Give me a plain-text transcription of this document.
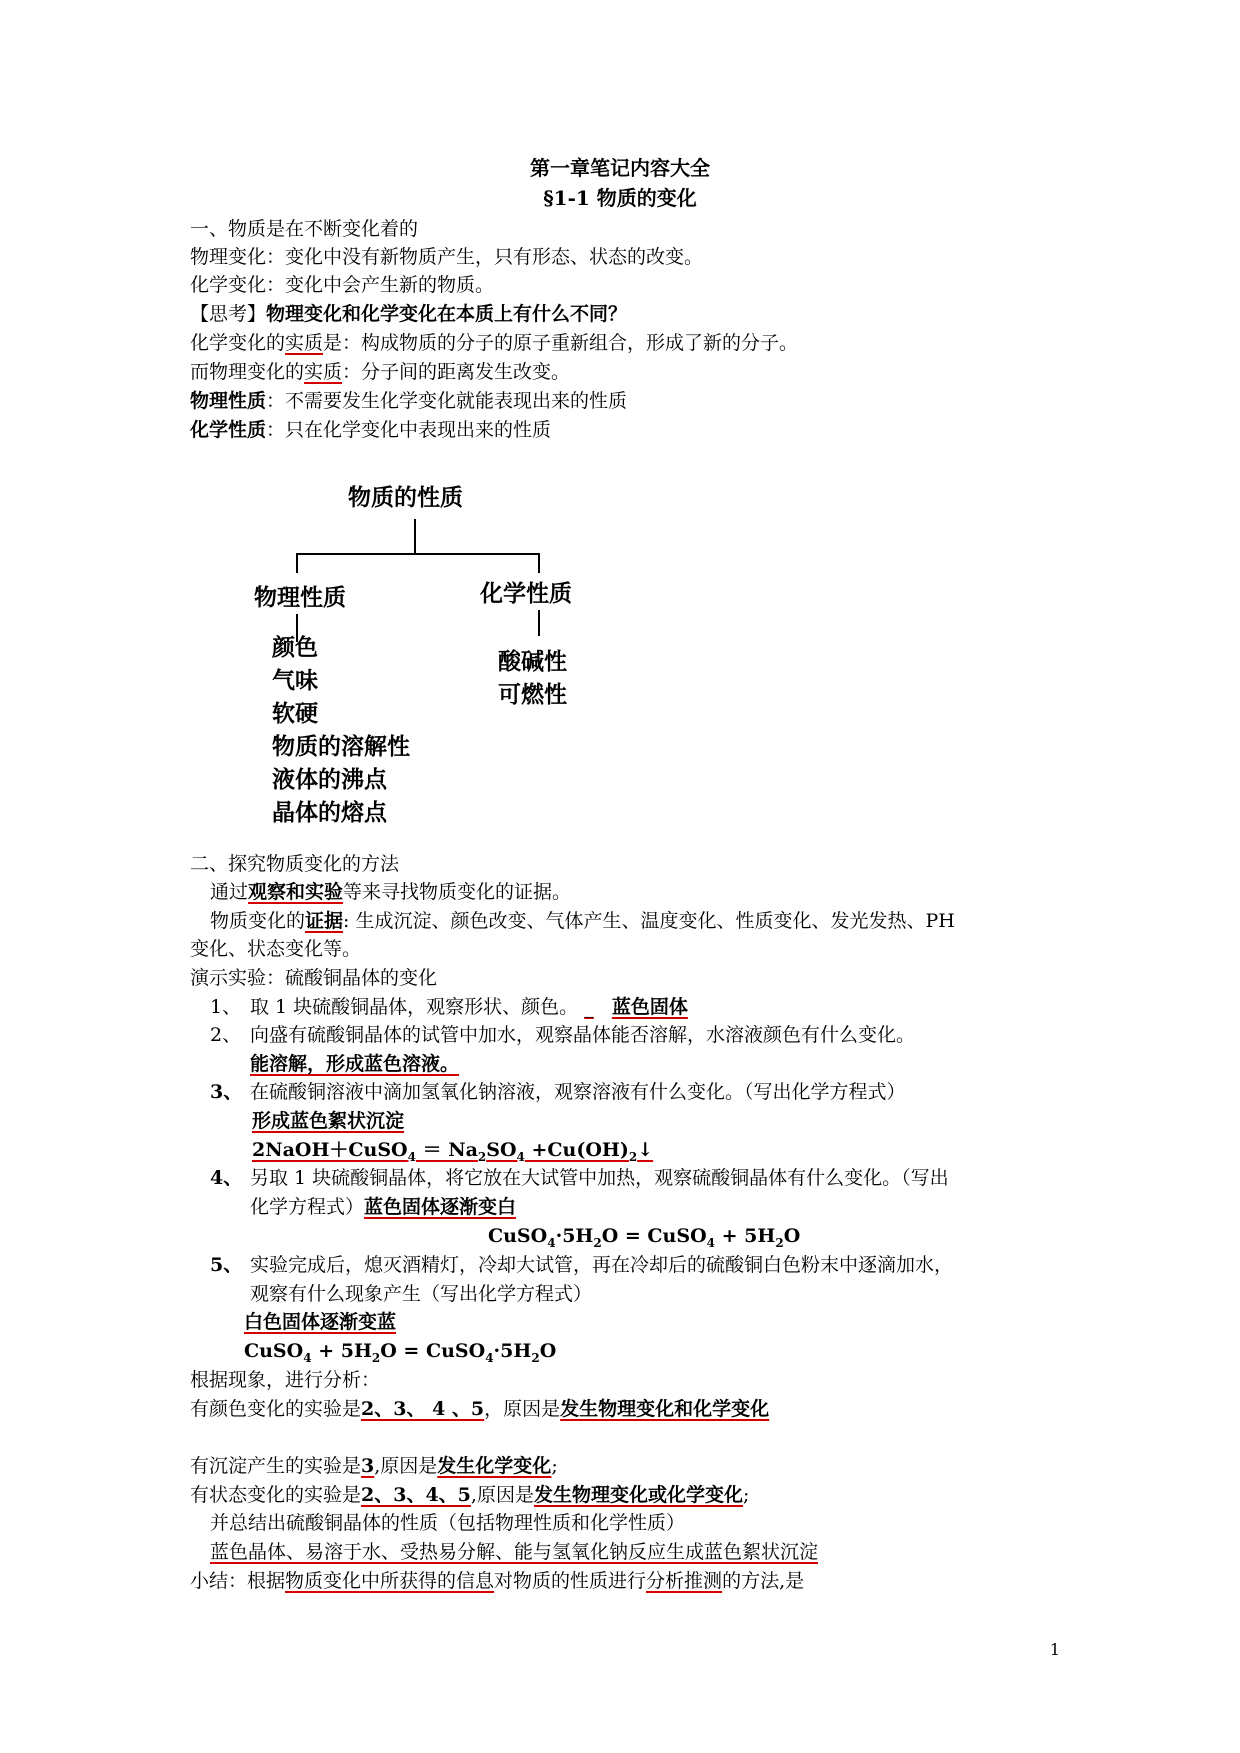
第一章笔记内容大全
§1-1 物质的变化
一、物质是在不断变化着的
物理变化：变化中没有新物质产生，只有形态、状态的改变。
化学变化：变化中会产生新的物质。
【思考】物理变化和化学变化在本质上有什么不同？
化学变化的实质是：构成物质的分子的原子重新组合，形成了新的分子。
而物理变化的实质：分子间的距离发生改变。
物理性质：不需要发生化学变化就能表现出来的性质
化学性质：只在化学变化中表现出来的性质
物质的性质
物理性质	化学性质
颜色
气味
软硬
物质的溶解性
液体的沸点
晶体的熔点
酸碱性
可燃性
二、探究物质变化的方法
通过观察和实验等来寻找物质变化的证据。
物质变化的证据: 生成沉淀、颜色改变、气体产生、温度变化、性质变化、发光发热、PH
变化、状态变化等。
演示实验：硫酸铜晶体的变化
1、 取 1 块硫酸铜晶体，观察形状、颜色。 _ 蓝色固体
2、 向盛有硫酸铜晶体的试管中加水，观察晶体能否溶解，水溶液颜色有什么变化。
能溶解，形成蓝色溶液。
3、 在硫酸铜溶液中滴加氢氧化钠溶液，观察溶液有什么变化。（写出化学方程式）
形成蓝色絮状沉淀
2NaOH＋CuSO$_4$ ＝ $Na_2SO_4$ $+Cu(OH)_2↓$
4、 另取 1 块硫酸铜晶体，将它放在大试管中加热，观察硫酸铜晶体有什么变化。（写出
化学方程式）蓝色固体逐渐变白
$CuSO_4\cdot 5H_2O$ = CuSO$_4$ + $5H_2O$
5、 实验完成后，熄灭酒精灯，冷却大试管，再在冷却后的硫酸铜白色粉末中逐滴加水，
观察有什么现象产生（写出化学方程式）
白色固体逐渐变蓝
CuSO$_4$ + $5H_2O$ = $CuSO_4\cdot 5H_2O$
根据现象，进行分析：
有颜色变化的实验是2、3、 4 、5，原因是发生物理变化和化学变化
有沉淀产生的实验是3,原因是发生化学变化;
有状态变化的实验是2、3、4、5,原因是发生物理变化或化学变化;
并总结出硫酸铜晶体的性质（包括物理性质和化学性质）
蓝色晶体、易溶于水、受热易分解、能与氢氧化钠反应生成蓝色絮状沉淀
小结：根据物质变化中所获得的信息对物质的性质进行分析推测的方法,是
1
